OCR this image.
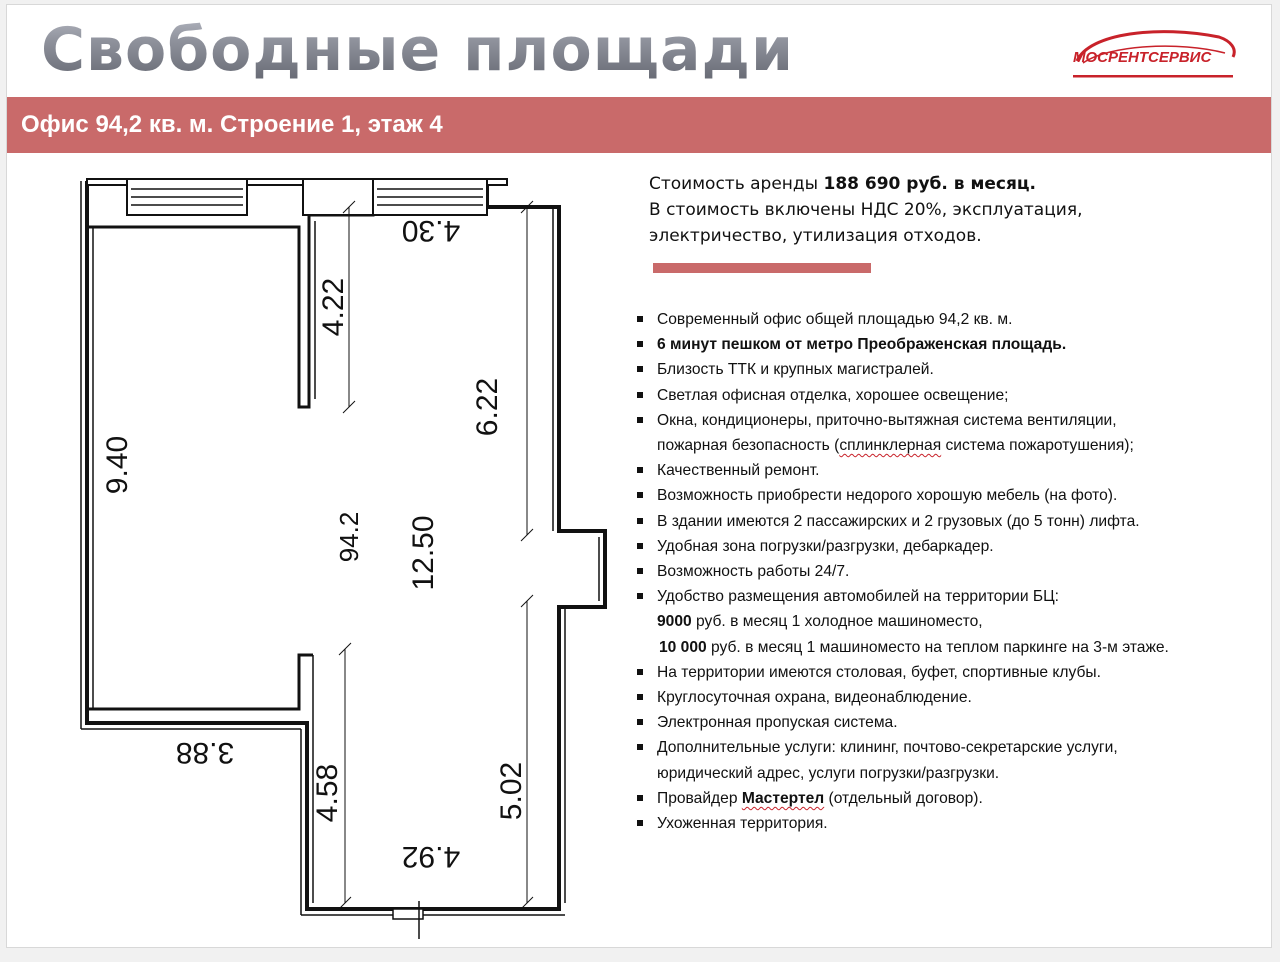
Свободные площади	МОСРЕНТСЕРВИС
Офис 94,2 кв. м. Строение 1, этаж 4
4.30
9.40
4.22
6.22
94.2 12.50
3.88
4.58	5.02
4.92
Стоимость аренды 188 690 руб. в месяц.
В стоимость включены НДС 20%, эксплуатация,
электричество, утилизация отходов.
Современный офис общей площадью 94,2 кв. м.
6 минут пешком от метро Преображенская площадь.
Близость ТТК и крупных магистралей.
Светлая офисная отделка, хорошее освещение;
Окна, кондиционеры, приточно-вытяжная система вентиляции,
пожарная безопасность (сплинклерная система пожаротушения);
Качественный ремонт.
Возможность приобрести недорого хорошую мебель (на фото).
В здании имеются 2 пассажирских и 2 грузовых (до 5 тонн) лифта.
Удобная зона погрузки/разгрузки, дебаркадер.
Возможность работы 24/7.
Удобство размещения автомобилей на территории БЦ:
9000 руб. в месяц 1 холодное машиноместо,
10 000 руб. в месяц 1 машиноместо на теплом паркинге на 3-м этаже.
На территории имеются столовая, буфет, спортивные клубы.
Круглосуточная охрана, видеонаблюдение.
Электронная пропуская система.
Дополнительные услуги: клининг, почтово-секретарские услуги,
юридический адрес, услуги погрузки/разгрузки.
Провайдер Мастертел (отдельный договор).
Ухоженная территория.
